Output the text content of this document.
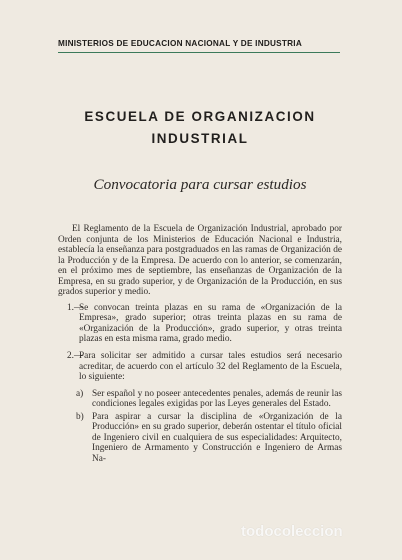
MINISTERIOS DE EDUCACION NACIONAL Y DE INDUSTRIA
ESCUELA DE ORGANIZACION
INDUSTRIAL
Convocatoria para cursar estudios

El Reglamento de la Escuela de Organización Industrial, aprobado por Orden conjunta de los Ministerios de Educación Nacional e Industria, establecía la enseñanza para postgraduados en las ramas de Organización de la Producción y de la Empresa. De acuerdo con lo anterior, se comenzarán, en el próximo mes de septiembre, las enseñanzas de Organización de la Empresa, en su grado superior, y de Organización de la Producción, en sus grados superior y medio.

1.—
Se convocan treinta plazas en su rama de «Organización de la Empresa», grado superior; otras treinta plazas en su rama de «Organización de la Producción», grado superior, y otras treinta plazas en esta misma rama, grado medio.

2.—
Para solicitar ser admitido a cursar tales estudios será necesario acreditar, de acuerdo con el artículo 32 del Reglamento de la Escuela, lo siguiente:

a) Ser español y no poseer antecedentes penales, además de reunir las condiciones legales exigidas por las Leyes generales del Estado.

b) Para aspirar a cursar la disciplina de «Organización de la Producción» en su grado superior, deberán ostentar el título oficial de Ingeniero civil en cualquiera de sus especialidades: Arquitecto, Ingeniero de Armamento y Construcción e Ingeniero de Armas Na-

todocoleccion
